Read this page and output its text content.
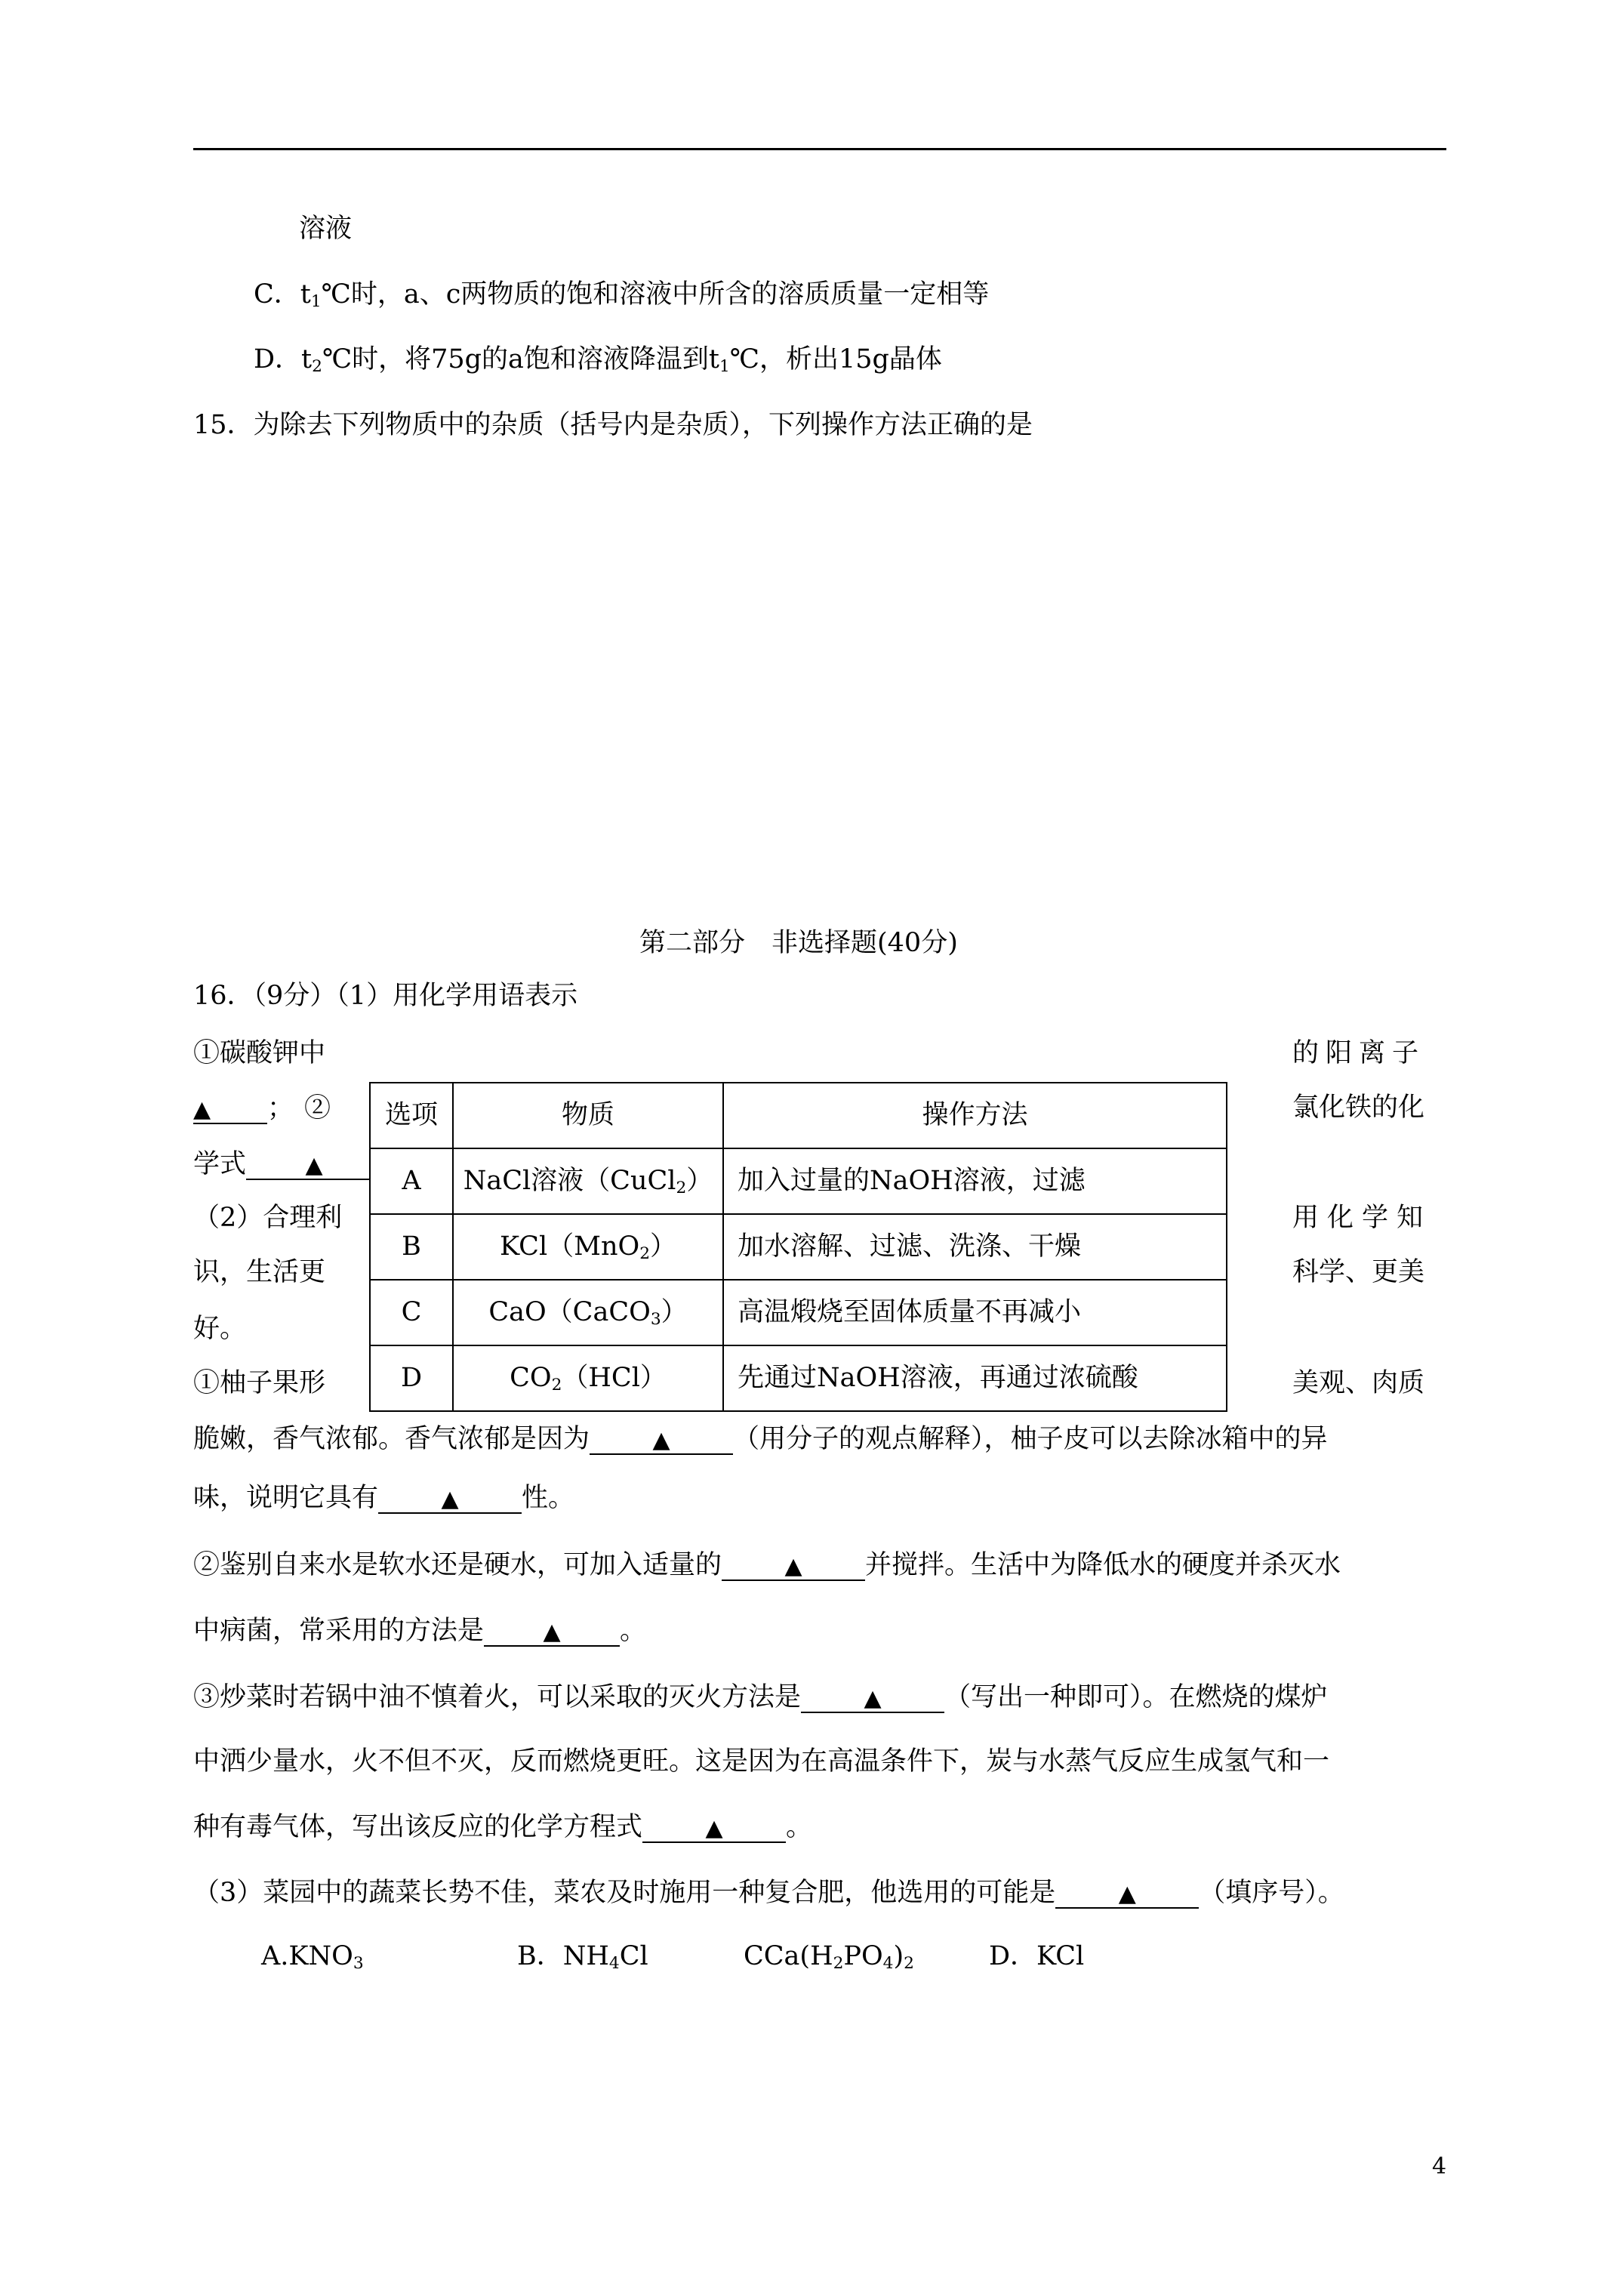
溶液
C．$t_1℃$时，a、c两物质的饱和溶液中所含的溶质质量一定相等
D．$t_2℃$时，将75g的a饱和溶液降温到$t_1℃$，析出15g晶体
15．为除去下列物质中的杂质（括号内是杂质），下列操作方法正确的是
第二部分　非选择题(40分)
16．（9分）（1）用化学用语表示
①碳酸钾中	的阳离子
▲ ；②	氯化铁的化
学式	▲
（2）合理利	用化学知
识，生活更	科学、更美
好。
①柚子果形	美观、肉质
选项	物质	操作方法
A	NaCl溶液（CuCl$_2$）	加入过量的NaOH溶液，过滤
B	KCl（MnO$_2$）	加水溶解、过滤、洗涤、干燥
C	CaO（CaCO$_3$）	高温煅烧至固体质量不再减小
D	$CO_2(HCl)$	先通过NaOH溶液，再通过浓硫酸
脆嫩，香气浓郁。香气浓郁是因为	▲ （用分子的观点解释），柚子皮可以去除冰箱中的异
味，说明它具有	▲ 性。
②鉴别自来水是软水还是硬水，可加入适量的	▲ 并搅拌。生活中为降低水的硬度并杀灭水
中病菌，常采用的方法是	▲ 。
③炒菜时若锅中油不慎着火，可以采取的灭火方法是	▲ （写出一种即可）。在燃烧的煤炉
中洒少量水，火不但不灭，反而燃烧更旺。这是因为在高温条件下，炭与水蒸气反应生成氢气和一
种有毒气体，写出该反应的化学方程式	▲ 。
（3）菜园中的蔬菜长势不佳，菜农及时施用一种复合肥，他选用的可能是	▲ （填序号）。
$A.KNO_3$	B．$NH_4Cl$	$CCa(H_2PO_4)_2$	D．KCl
4
